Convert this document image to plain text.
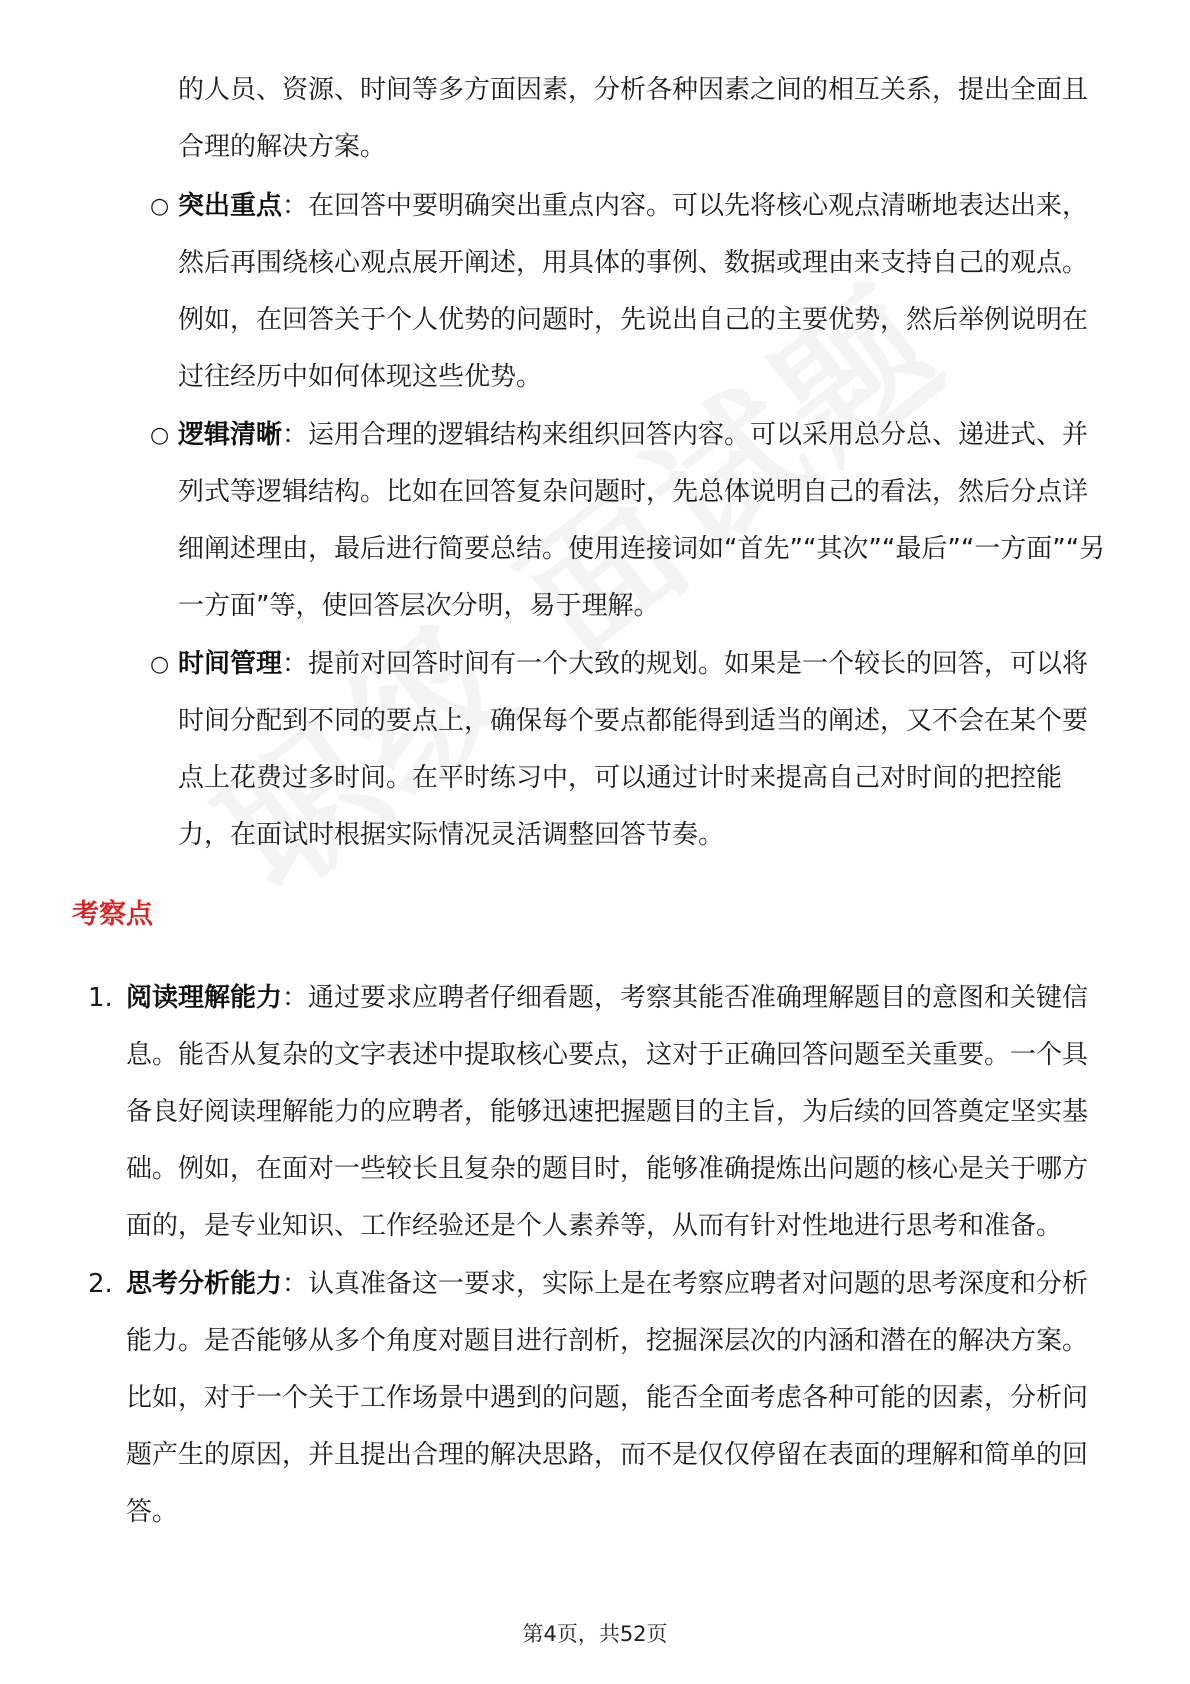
的人员、资源、时间等多方面因素，分析各种因素之间的相互关系，提出全面且合理的解决方案。

○ 突出重点：在回答中要明确突出重点内容。可以先将核心观点清晰地表达出来，然后再围绕核心观点展开阐述，用具体的事例、数据或理由来支持自己的观点。例如，在回答关于个人优势的问题时，先说出自己的主要优势，然后举例说明在过往经历中如何体现这些优势。
○ 逻辑清晰：运用合理的逻辑结构来组织回答内容。可以采用总分总、递进式、并列式等逻辑结构。比如在回答复杂问题时，先总体说明自己的看法，然后分点详细阐述理由，最后进行简要总结。使用连接词如“首先”“其次”“最后”“一方面”“另一方面”等，使回答层次分明，易于理解。
○ 时间管理：提前对回答时间有一个大致的规划。如果是一个较长的回答，可以将时间分配到不同的要点上，确保每个要点都能得到适当的阐述，又不会在某个要点上花费过多时间。在平时练习中，可以通过计时来提高自己对时间的把控能力，在面试时根据实际情况灵活调整回答节奏。
考察点
1. 阅读理解能力：通过要求应聘者仔细看题，考察其能否准确理解题目的意图和关键信息。能否从复杂的文字表述中提取核心要点，这对于正确回答问题至关重要。一个具备良好阅读理解能力的应聘者，能够迅速把握题目的主旨，为后续的回答奠定坚实基础。例如，在面对一些较长且复杂的题目时，能够准确提炼出问题的核心是关于哪方面的，是专业知识、工作经验还是个人素养等，从而有针对性地进行思考和准备。
2. 思考分析能力：认真准备这一要求，实际上是在考察应聘者对问题的思考深度和分析能力。是否能够从多个角度对题目进行剖析，挖掘深层次的内涵和潜在的解决方案。比如，对于一个关于工作场景中遇到的问题，能否全面考虑各种可能的因素，分析问题产生的原因，并且提出合理的解决思路，而不是仅仅停留在表面的理解和简单的回答。
第4页，共52页
